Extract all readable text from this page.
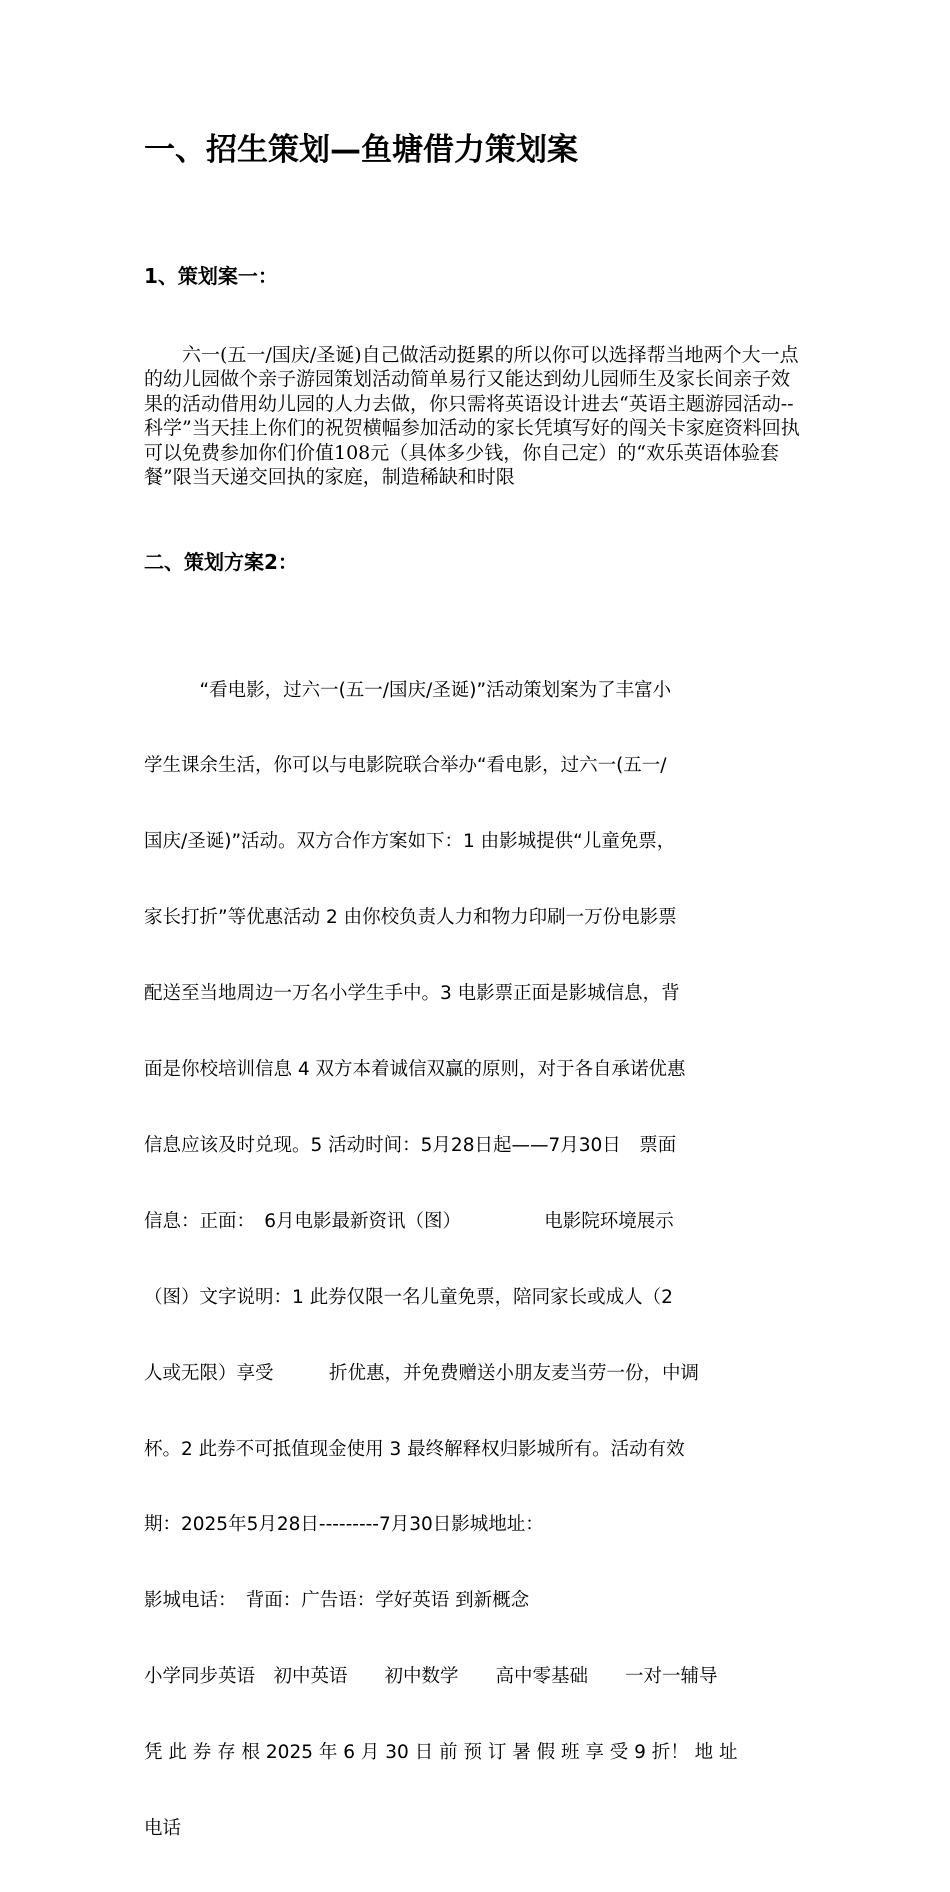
一、招生策划—鱼塘借力策划案
1、策划案一：
　　六一(五一/国庆/圣诞)自己做活动挺累的所以你可以选择帮当地两个大一点的幼儿园做个亲子游园策划活动简单易行又能达到幼儿园师生及家长间亲子效果的活动借用幼儿园的人力去做，你只需将英语设计进去“英语主题游园活动--科学”当天挂上你们的祝贺横幅参加活动的家长凭填写好的闯关卡家庭资料回执可以免费参加你们价值108元（具体多少钱，你自己定）的“欢乐英语体验套餐”限当天递交回执的家庭，制造稀缺和时限
二、策划方案2：

　　　“看电影，过六一(五一/国庆/圣诞)”活动策划案为了丰富小

学生课余生活，你可以与电影院联合举办“看电影，过六一(五一/

国庆/圣诞)”活动。双方合作方案如下：1 由影城提供“儿童免票，

家长打折”等优惠活动 2 由你校负责人力和物力印刷一万份电影票

配送至当地周边一万名小学生手中。3 电影票正面是影城信息，背

面是你校培训信息 4 双方本着诚信双赢的原则，对于各自承诺优惠

信息应该及时兑现。5 活动时间：5月28日起——7月30日　票面

信息：正面：　6月电影最新资讯（图）　　　　　电影院环境展示

（图）文字说明：1 此券仅限一名儿童免票，陪同家长或成人（2

人或无限）享受　　　折优惠，并免费赠送小朋友麦当劳一份，中调

杯。2 此券不可抵值现金使用 3 最终解释权归影城所有。活动有效

期：2025年5月28日---------7月30日影城地址：

影城电话：　背面：广告语：学好英语 到新概念

小学同步英语　初中英语　　初中数学　　高中零基础　　一对一辅导

凭 此 券 存 根 2025 年 6 月 30 日 前 预 订 暑 假 班 享 受 9 折！ 地 址

电话
